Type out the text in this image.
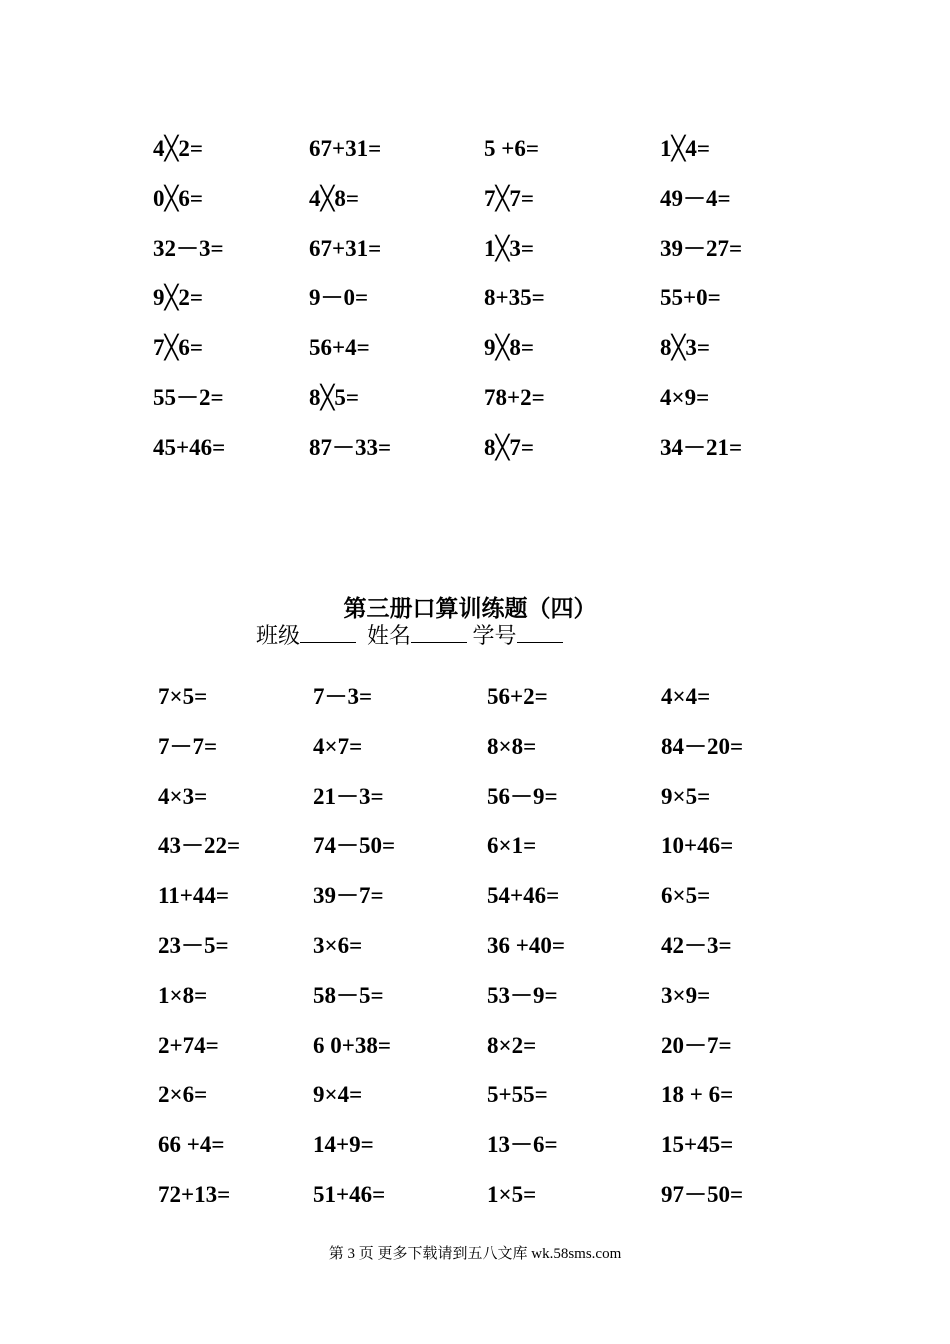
4╳2=	67+31=	5 +6=	1╳4=
0╳6=	4╳8=	7╳7=	49－4=
32－3=	67+31=	1╳3=	39－27=
9╳2=	9－0=	8+35=	55+0=
7╳6=	56+4=	9╳8=	8╳3=
55－2=	8╳5=	78+2=	4×9=
45+46=	87－33=	8╳7=	34－21=
第三册口算训练题（四）
班级	姓名	学号
7×5=	7－3=	56+2=	4×4=
7－7=	4×7=	8×8=	84－20=
4×3=	21－3=	56－9=	9×5=
43－22=	74－50=	6×1=	10+46=
11+44=	39－7=	54+46=	6×5=
23－5=	3×6=	36 +40=	42－3=
1×8=	58－5=	53－9=	3×9=
2+74=	6 0+38=	8×2=	20－7=
2×6=	9×4=	5+55=	18 + 6=
66 +4=	14+9=	13－6=	15+45=
72+13=	51+46=	1×5=	97－50=
第 3 页 更多下载请到五八文库 wk.58sms.com
